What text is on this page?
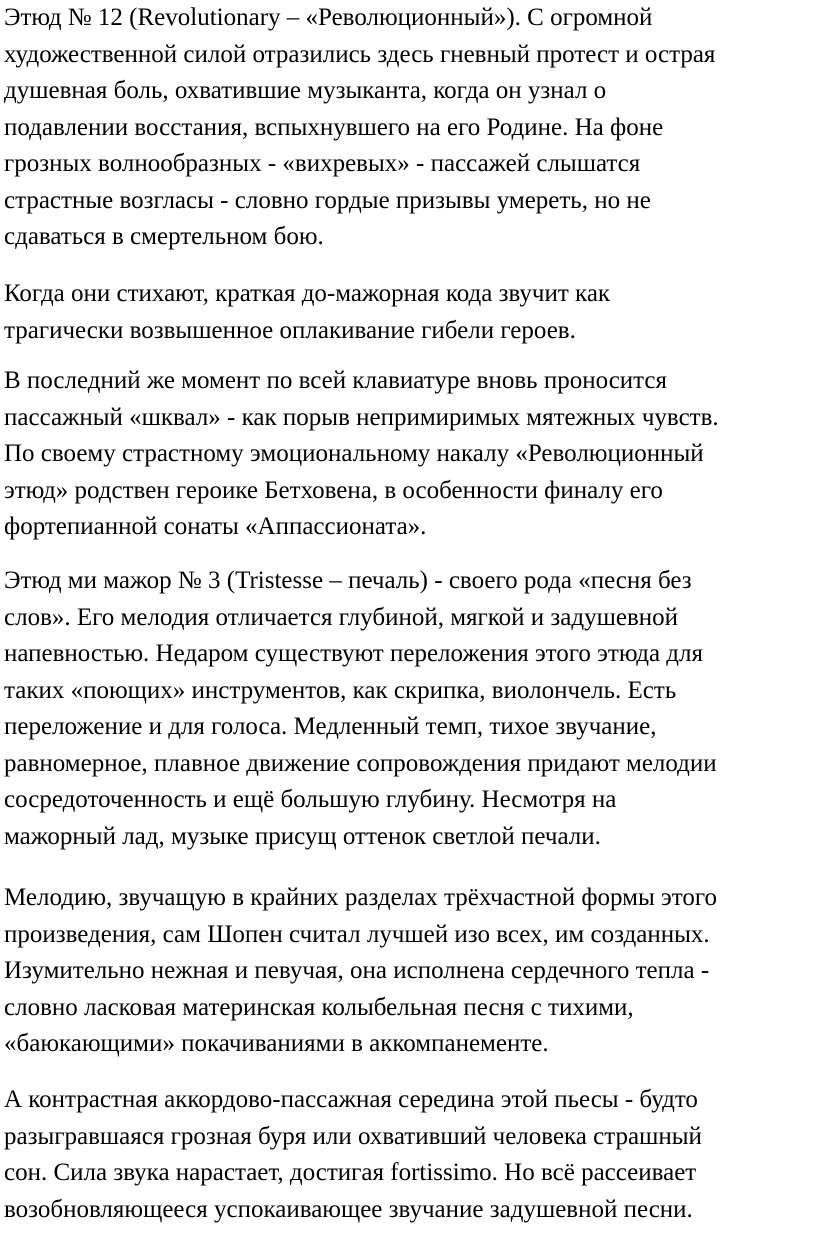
Этюд № 12 (Revolutionary – «Революционный»). С огромной
художественной силой отразились здесь гневный протест и острая
душевная боль, охватившие музыканта, когда он узнал о
подавлении восстания, вспыхнувшего на его Родине. На фоне
грозных волнообразных - «вихревых» - пассажей слышатся
страстные возгласы - словно гордые призывы умереть, но не
сдаваться в смертельном бою.

Когда они стихают, краткая до-мажорная кода звучит как
трагически возвышенное оплакивание гибели героев.

В последний же момент по всей клавиатуре вновь проносится
пассажный «шквал» - как порыв непримиримых мятежных чувств.
По своему страстному эмоциональному накалу «Революционный
этюд» родствен героике Бетховена, в особенности финалу его
фортепианной сонаты «Аппассионата».

Этюд ми мажор № 3 (Tristesse – печаль) - своего рода «песня без
слов». Его мелодия отличается глубиной, мягкой и задушевной
напевностью. Недаром существуют переложения этого этюда для
таких «поющих» инструментов, как скрипка, виолончель. Есть
переложение и для голоса. Медленный темп, тихое звучание,
равномерное, плавное движение сопровождения придают мелодии
сосредоточенность и ещё большую глубину. Несмотря на
мажорный лад, музыке присущ оттенок светлой печали.

Мелодию, звучащую в крайних разделах трёхчастной формы этого
произведения, сам Шопен считал лучшей изо всех, им созданных.
Изумительно нежная и певучая, она исполнена сердечного тепла -
словно ласковая материнская колыбельная песня с тихими,
«баюкающими» покачиваниями в аккомпанементе.

А контрастная аккордово-пассажная середина этой пьесы - будто
разыгравшаяся грозная буря или охвативший человека страшный
сон. Сила звука нарастает, достигая fortissimo. Но всё рассеивает
возобновляющееся успокаивающее звучание задушевной песни.
